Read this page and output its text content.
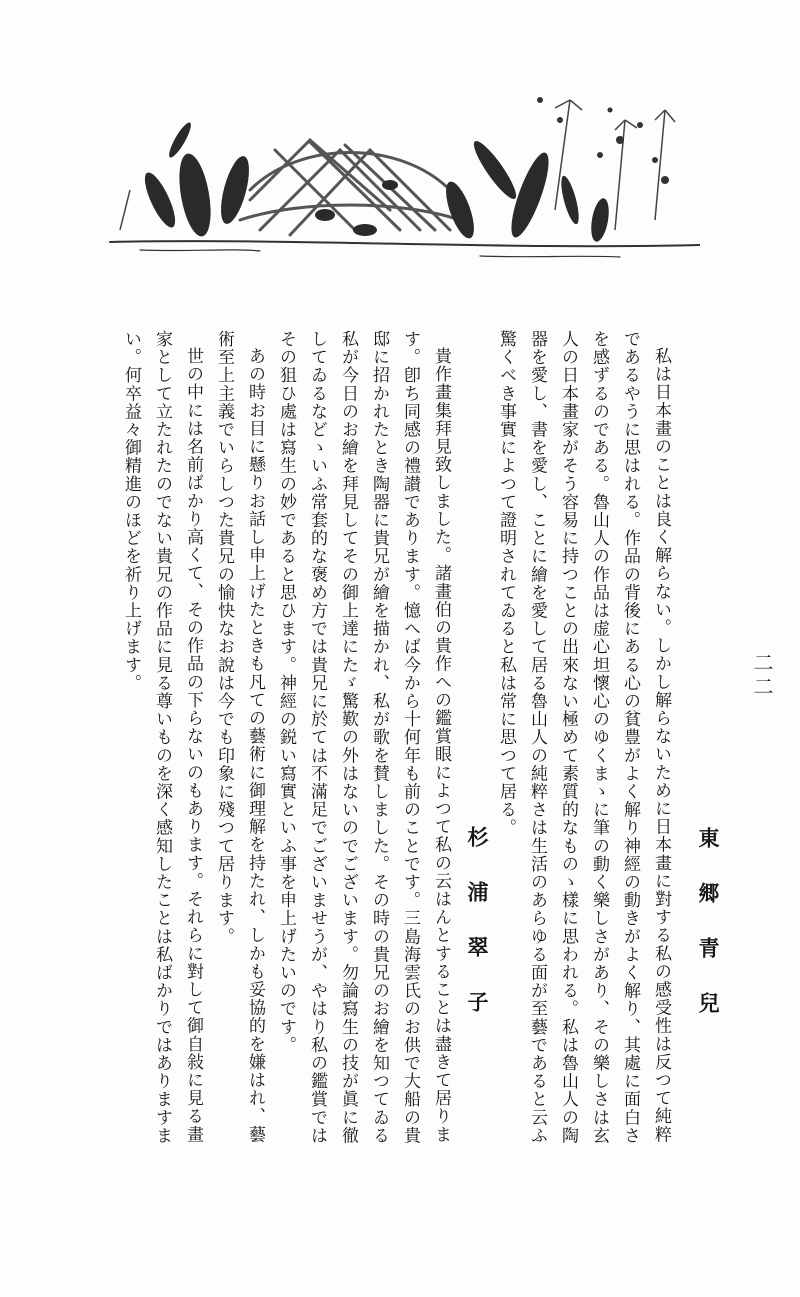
二二
東郷青兒

私は日本畫のことは良く解らない。しかし解らないために日本畫に對する私の感受性は反つて純粹であるやうに思はれる。作品の背後にある心の貧豊がよく解り神經の動きがよく解り、其處に面白さを感ずるのである。魯山人の作品は虚心坦懷心のゆくまゝに筆の動く樂しさがあり、その樂しさは玄人の日本畫家がそう容易に持つことの出來ない極めて素質的なものゝ樣に思われる。私は魯山人の陶器を愛し、書を愛し、ことに繪を愛して居る魯山人の純粹さは生活のあらゆる面が至藝であると云ふ驚くべき事實によつて證明されてゐると私は常に思つて居る。

杉浦翠子

貴作畫集拜見致しました。諸畫伯の貴作への鑑賞眼によつて私の云はんとすることは盡きて居ります。卽ち同感の禮讃であります。憶へば今から十何年も前のことです。三島海雲氏のお供で大船の貴邸に招かれたとき陶器に貴兄が繪を描かれ、私が歌を賛しました。その時の貴兄のお繪を知つてゐる私が今日のお繪を拜見してその御上達にたゞ驚歎の外はないのでございます。勿論寫生の技が眞に徹してゐるなどゝいふ常套的な褒め方では貴兄に於ては不滿足でございませうが、やはり私の鑑賞ではその狙ひ處は寫生の妙であると思ひます。神經の鋭い寫實といふ事を申上げたいのです。

あの時お目に懸りお話し申上げたときも凡ての藝術に御理解を持たれ、しかも妥協的を嫌はれ、藝術至上主義でいらしつた貴兄の愉快なお說は今でも印象に殘つて居ります。

世の中には名前ばかり高くて、その作品の下らないのもあります。それらに對して御自敍に見る畫家として立たれたのでない貴兄の作品に見る尊いものを深く感知したことは私ばかりではありますまい。何卒益々御精進のほどを祈り上げます。
